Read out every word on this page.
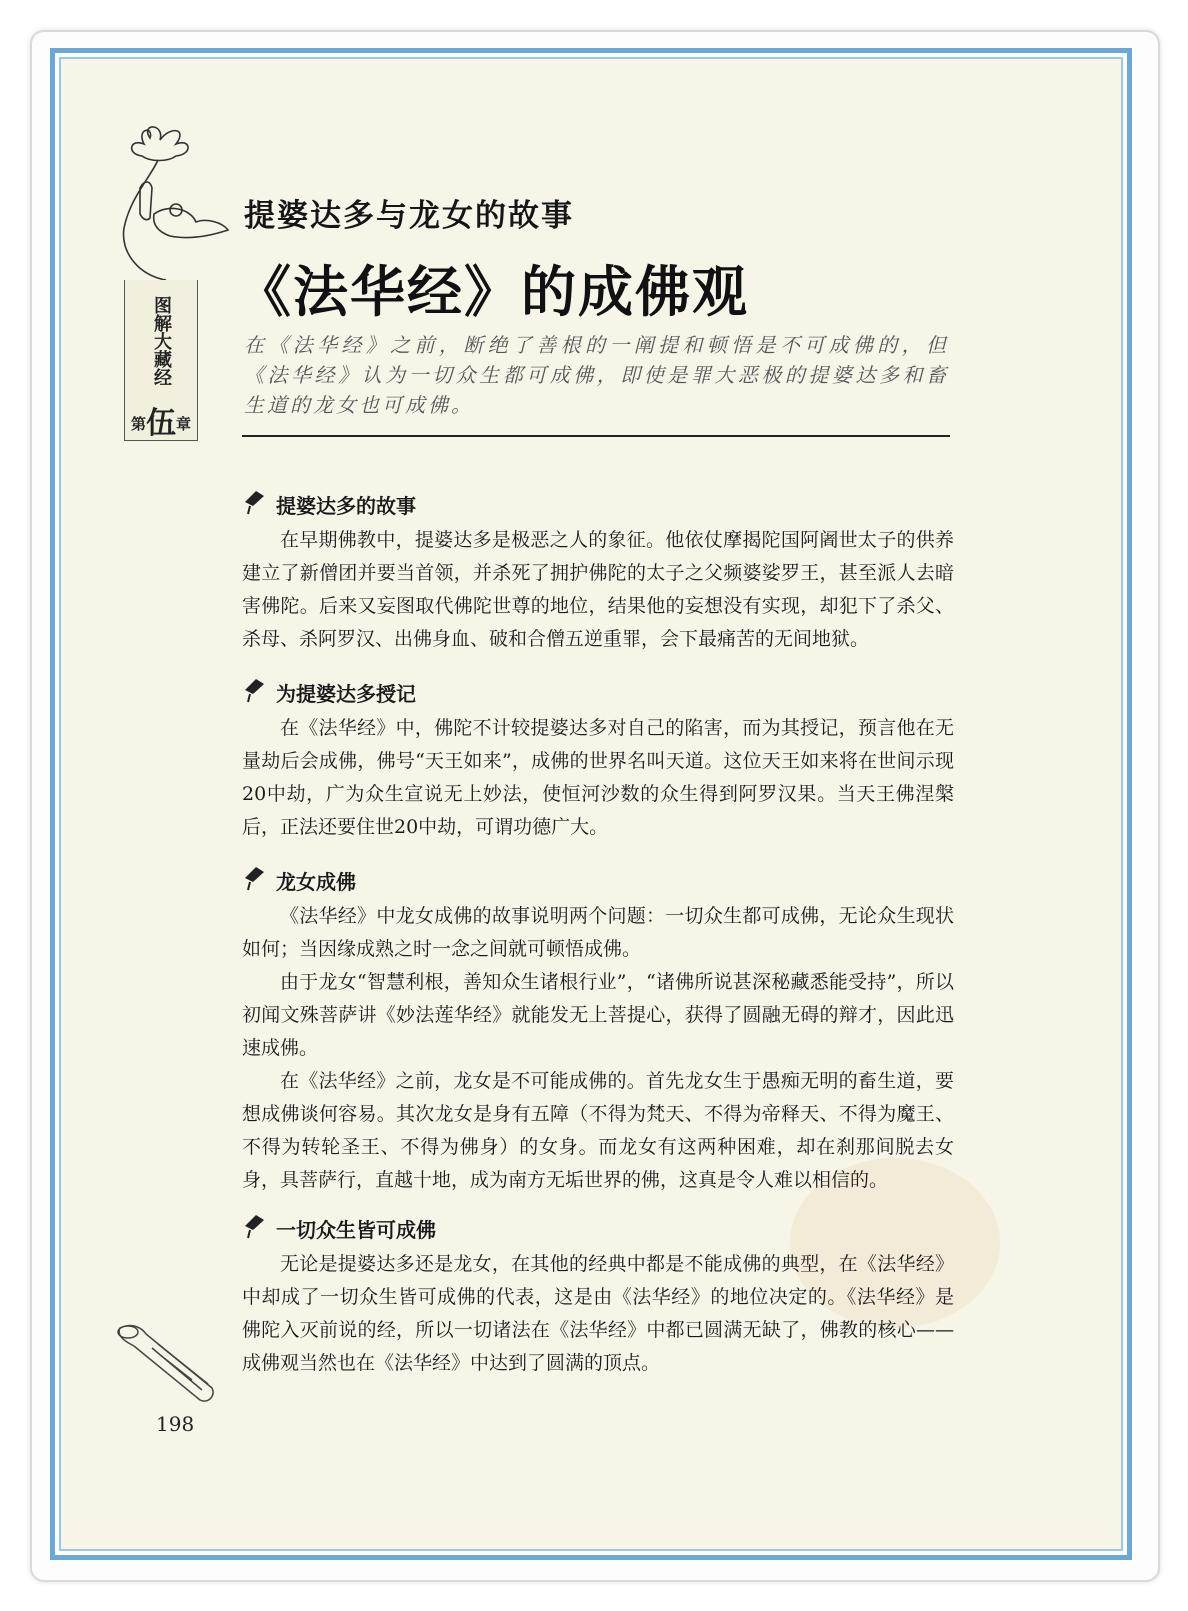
图解大藏经
第伍章
提婆达多与龙女的故事
《法华经》的成佛观
在《法华经》之前，断绝了善根的一阐提和顿悟是不可成佛的，但《法华经》认为一切众生都可成佛，即使是罪大恶极的提婆达多和畜生道的龙女也可成佛。
提婆达多的故事

在早期佛教中，提婆达多是极恶之人的象征。他依仗摩揭陀国阿阇世太子的供养建立了新僧团并要当首领，并杀死了拥护佛陀的太子之父频婆娑罗王，甚至派人去暗害佛陀。后来又妄图取代佛陀世尊的地位，结果他的妄想没有实现，却犯下了杀父、杀母、杀阿罗汉、出佛身血、破和合僧五逆重罪，会下最痛苦的无间地狱。

为提婆达多授记

在《法华经》中，佛陀不计较提婆达多对自己的陷害，而为其授记，预言他在无量劫后会成佛，佛号“天王如来”，成佛的世界名叫天道。这位天王如来将在世间示现20中劫，广为众生宣说无上妙法，使恒河沙数的众生得到阿罗汉果。当天王佛涅槃后，正法还要住世20中劫，可谓功德广大。

龙女成佛

《法华经》中龙女成佛的故事说明两个问题：一切众生都可成佛，无论众生现状如何；当因缘成熟之时一念之间就可顿悟成佛。

由于龙女“智慧利根，善知众生诸根行业”，“诸佛所说甚深秘藏悉能受持”，所以初闻文殊菩萨讲《妙法莲华经》就能发无上菩提心，获得了圆融无碍的辩才，因此迅速成佛。

在《法华经》之前，龙女是不可能成佛的。首先龙女生于愚痴无明的畜生道，要想成佛谈何容易。其次龙女是身有五障（不得为梵天、不得为帝释天、不得为魔王、不得为转轮圣王、不得为佛身）的女身。而龙女有这两种困难，却在刹那间脱去女身，具菩萨行，直越十地，成为南方无垢世界的佛，这真是令人难以相信的。

一切众生皆可成佛

无论是提婆达多还是龙女，在其他的经典中都是不能成佛的典型，在《法华经》中却成了一切众生皆可成佛的代表，这是由《法华经》的地位决定的。《法华经》是佛陀入灭前说的经，所以一切诸法在《法华经》中都已圆满无缺了，佛教的核心——成佛观当然也在《法华经》中达到了圆满的顶点。

198
